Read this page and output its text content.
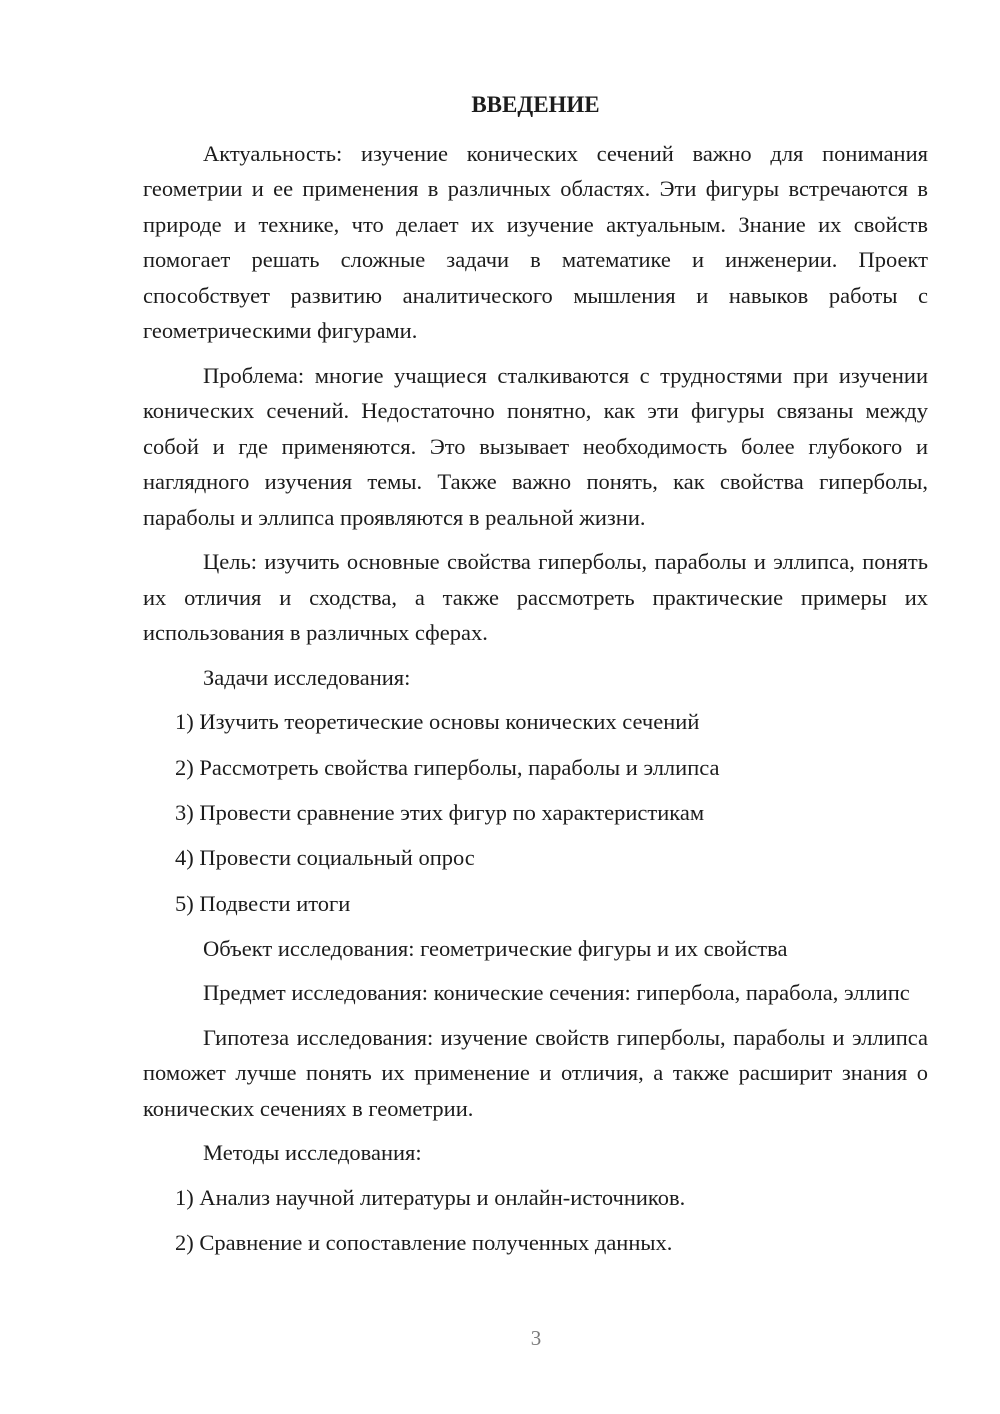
ВВЕДЕНИЕ

Актуальность: изучение конических сечений важно для понимания геометрии и ее применения в различных областях. Эти фигуры встречаются в природе и технике, что делает их изучение актуальным. Знание их свойств помогает решать сложные задачи в математике и инженерии. Проект способствует развитию аналитического мышления и навыков работы с геометрическими фигурами.

Проблема: многие учащиеся сталкиваются с трудностями при изучении конических сечений. Недостаточно понятно, как эти фигуры связаны между собой и где применяются. Это вызывает необходимость более глубокого и наглядного изучения темы. Также важно понять, как свойства гиперболы, параболы и эллипса проявляются в реальной жизни.

Цель: изучить основные свойства гиперболы, параболы и эллипса, понять их отличия и сходства, а также рассмотреть практические примеры их использования в различных сферах.

Задачи исследования:

1) Изучить теоретические основы конических сечений
2) Рассмотреть свойства гиперболы, параболы и эллипса
3) Провести сравнение этих фигур по характеристикам
4) Провести социальный опрос
5) Подвести итоги

Объект исследования: геометрические фигуры и их свойства

Предмет исследования: конические сечения: гипербола, парабола, эллипс

Гипотеза исследования: изучение свойств гиперболы, параболы и эллипса поможет лучше понять их применение и отличия, а также расширит знания о конических сечениях в геометрии.

Методы исследования:

1) Анализ научной литературы и онлайн-источников.
2) Сравнение и сопоставление полученных данных.
3
